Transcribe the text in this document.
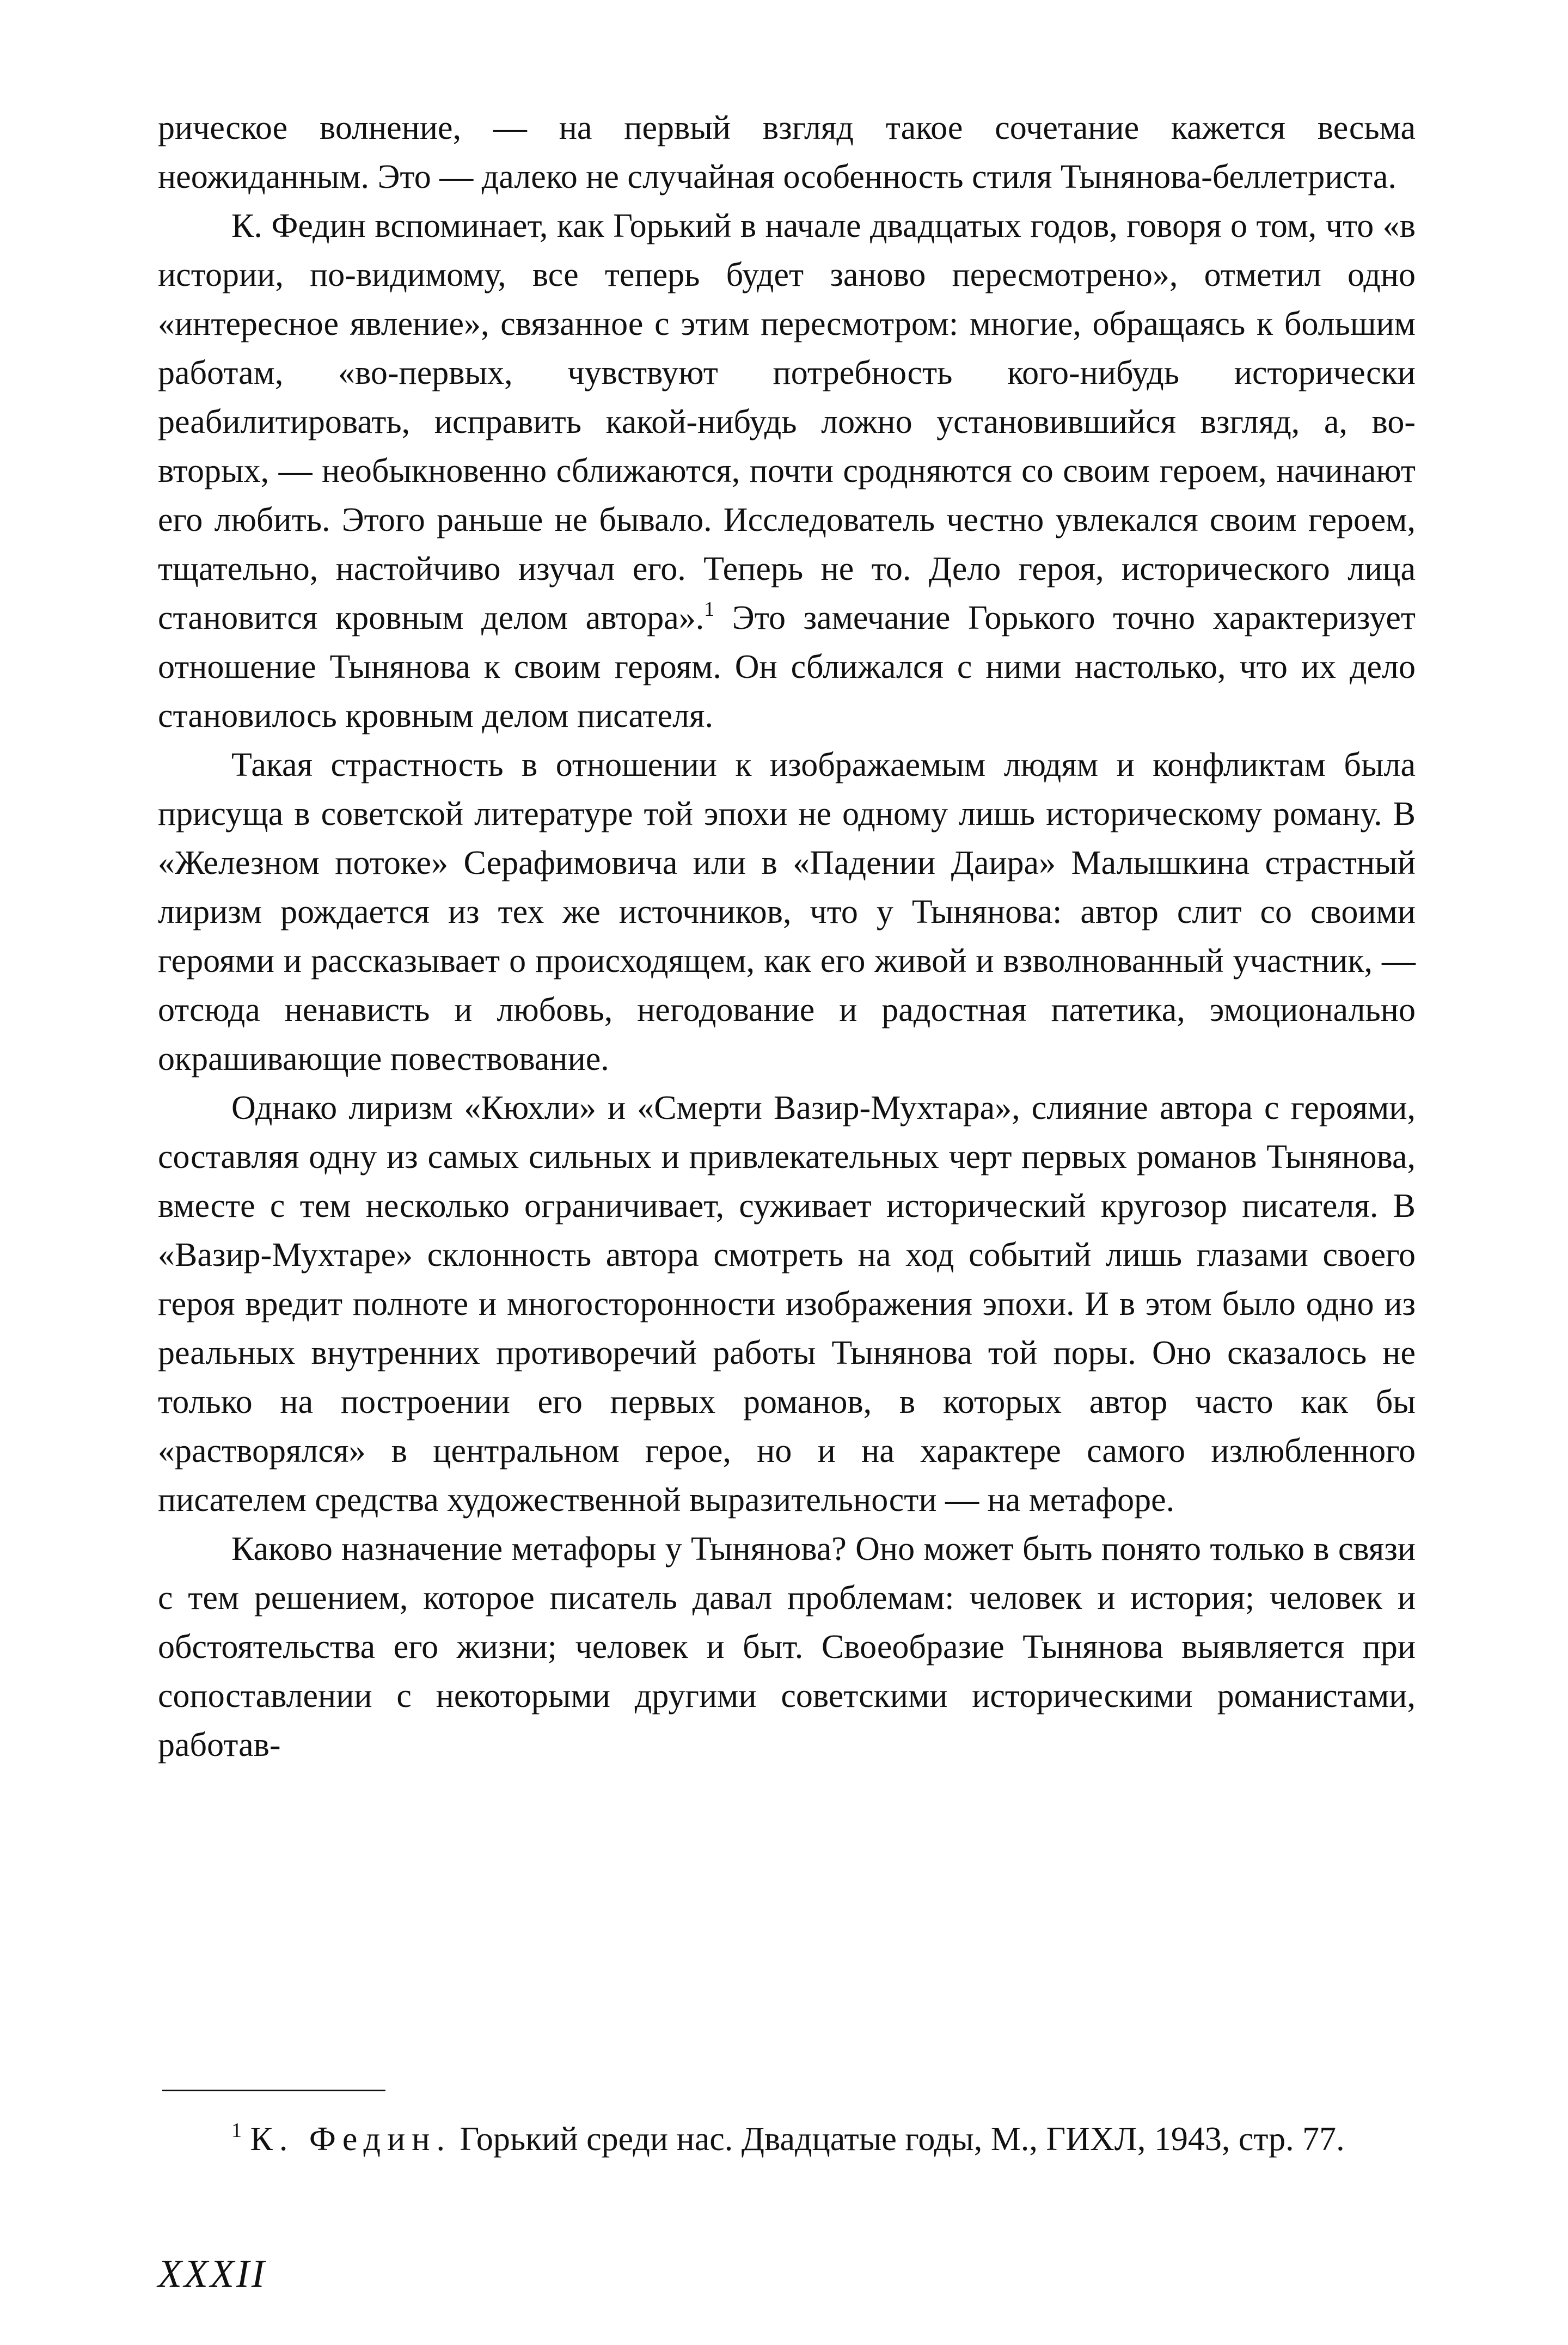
рическое волнение, — на первый взгляд такое сочетание кажется весьма неожиданным. Это — далеко не случайная особенность стиля Тынянова-беллетриста.

К. Федин вспоминает, как Горький в начале двадцатых годов, говоря о том, что «в истории, по-видимому, все теперь будет заново пересмотрено», отметил одно «интересное явление», связанное с этим пересмотром: многие, обращаясь к большим работам, «во-первых, чувствуют потребность кого-нибудь исторически реабилитировать, исправить какой-нибудь ложно установившийся взгляд, а, во-вторых, — необыкновенно сближаются, почти сродняются со своим героем, начинают его любить. Этого раньше не бывало. Исследователь честно увлекался своим героем, тщательно, настойчиво изучал его. Теперь не то. Дело героя, исторического лица становится кровным делом автора».$^1$ Это замечание Горького точно характеризует отношение Тынянова к своим героям. Он сближался с ними настолько, что их дело становилось кровным делом писателя.

Такая страстность в отношении к изображаемым людям и конфликтам была присуща в советской литературе той эпохи не одному лишь историческому роману. В «Железном потоке» Серафимовича или в «Падении Даира» Малышкина страстный лиризм рождается из тех же источников, что у Тынянова: автор слит со своими героями и рассказывает о происходящем, как его живой и взволнованный участник, — отсюда ненависть и любовь, негодование и радостная патетика, эмоционально окрашивающие повествование.

Однако лиризм «Кюхли» и «Смерти Вазир-Мухтара», слияние автора с героями, составляя одну из самых сильных и привлекательных черт первых романов Тынянова, вместе с тем несколько ограничивает, суживает исторический кругозор писателя. В «Вазир-Мухтаре» склонность автора смотреть на ход событий лишь глазами своего героя вредит полноте и многосторонности изображения эпохи. И в этом было одно из реальных внутренних противоречий работы Тынянова той поры. Оно сказалось не только на построении его первых романов, в которых автор часто как бы «растворялся» в центральном герое, но и на характере самого излюбленного писателем средства художественной выразительности — на метафоре.

Каково назначение метафоры у Тынянова? Оно может быть понято только в связи с тем решением, которое писатель давал проблемам: человек и история; человек и обстоятельства его жизни; человек и быт. Своеобразие Тынянова выявляется при сопоставлении с некоторыми другими советскими историческими романистами, работав-

$^1$ К. Федин. Горький среди нас. Двадцатые годы, М., ГИХЛ, 1943, стр. 77.

XXXII
